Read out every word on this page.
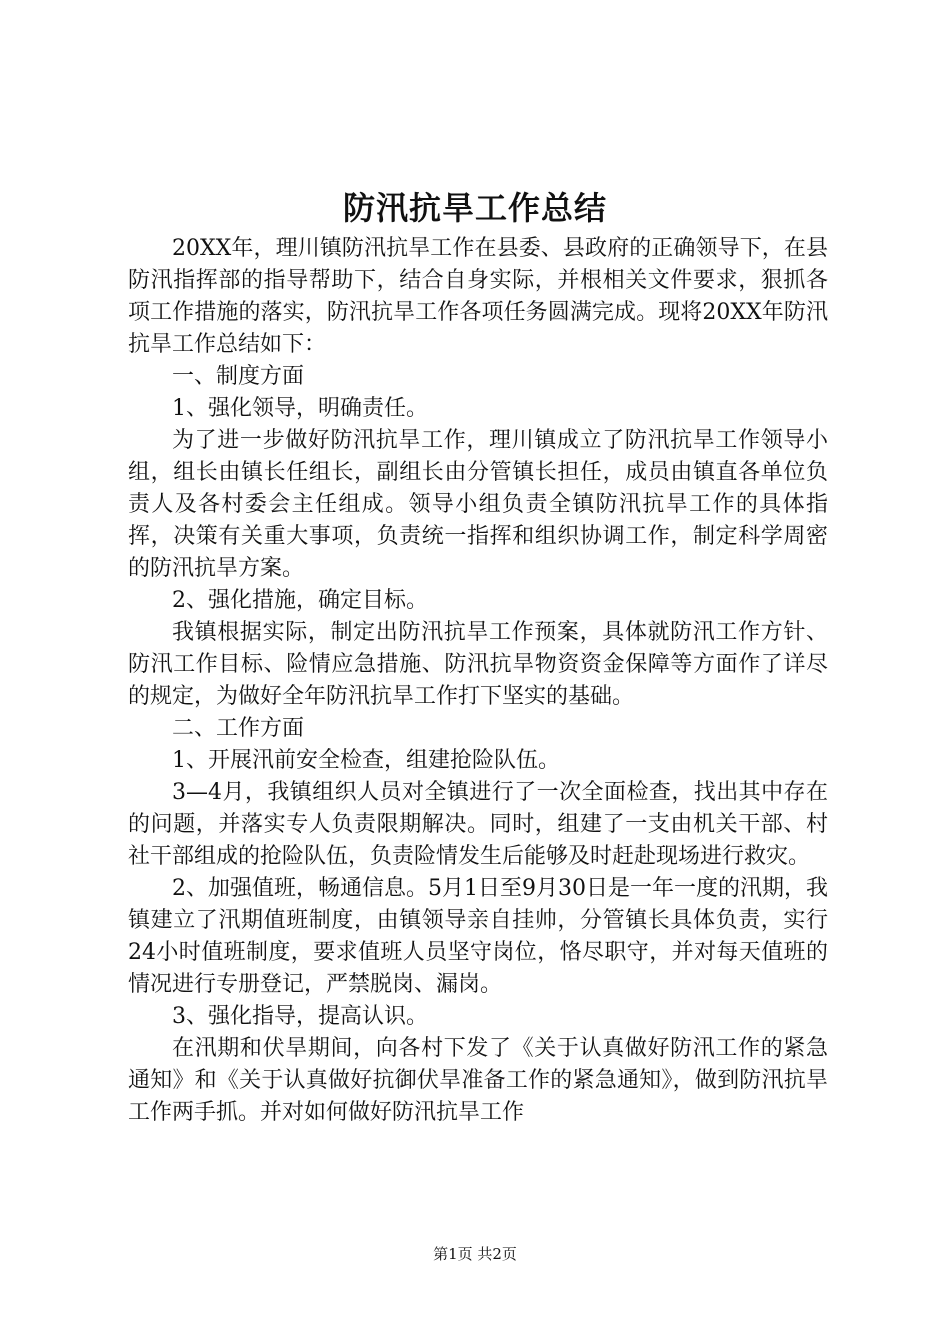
防汛抗旱工作总结

20XX年，理川镇防汛抗旱工作在县委、县政府的正确领导下，在县防汛指挥部的指导帮助下，结合自身实际，并根相关文件要求，狠抓各项工作措施的落实，防汛抗旱工作各项任务圆满完成。现将20XX年防汛抗旱工作总结如下：

一、制度方面

1、强化领导，明确责任。

为了进一步做好防汛抗旱工作，理川镇成立了防汛抗旱工作领导小组，组长由镇长任组长，副组长由分管镇长担任，成员由镇直各单位负责人及各村委会主任组成。领导小组负责全镇防汛抗旱工作的具体指挥，决策有关重大事项，负责统一指挥和组织协调工作，制定科学周密的防汛抗旱方案。

2、强化措施，确定目标。

我镇根据实际，制定出防汛抗旱工作预案，具体就防汛工作方针、防汛工作目标、险情应急措施、防汛抗旱物资资金保障等方面作了详尽的规定，为做好全年防汛抗旱工作打下坚实的基础。

二、工作方面

1、开展汛前安全检查，组建抢险队伍。

3—4月，我镇组织人员对全镇进行了一次全面检查，找出其中存在的问题，并落实专人负责限期解决。同时，组建了一支由机关干部、村社干部组成的抢险队伍，负责险情发生后能够及时赶赴现场进行救灾。

2、加强值班，畅通信息。5月1日至9月30日是一年一度的汛期，我镇建立了汛期值班制度，由镇领导亲自挂帅，分管镇长具体负责，实行24小时值班制度，要求值班人员坚守岗位，恪尽职守，并对每天值班的情况进行专册登记，严禁脱岗、漏岗。

3、强化指导，提高认识。

在汛期和伏旱期间，向各村下发了《关于认真做好防汛工作的紧急通知》和《关于认真做好抗御伏旱准备工作的紧急通知》，做到防汛抗旱工作两手抓。并对如何做好防汛抗旱工作

第1页 共2页
